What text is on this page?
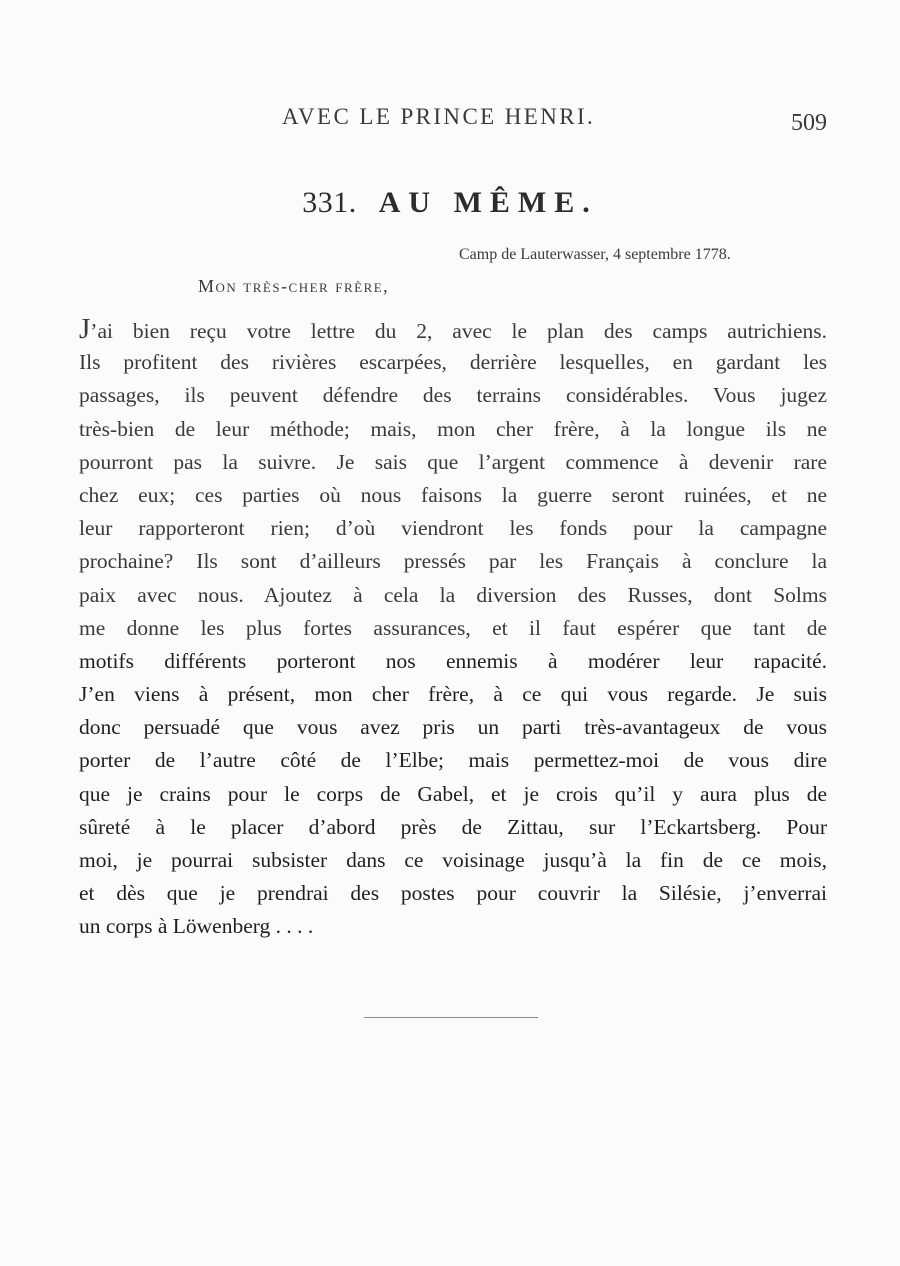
AVEC LE PRINCE HENRI.	509
331. AU MÊME.
Camp de Lauterwasser, 4 septembre 1778.
Mon très-cher frère,

J’ai bien reçu votre lettre du 2, avec le plan des camps autrichiens.
Ils profitent des rivières escarpées, derrière lesquelles, en gardant les
passages, ils peuvent défendre des terrains considérables. Vous jugez
très-bien de leur méthode; mais, mon cher frère, à la longue ils ne
pourront pas la suivre. Je sais que l’argent commence à devenir rare
chez eux; ces parties où nous faisons la guerre seront ruinées, et ne
leur rapporteront rien; d’où viendront les fonds pour la campagne
prochaine? Ils sont d’ailleurs pressés par les Français à conclure la
paix avec nous. Ajoutez à cela la diversion des Russes, dont Solms
me donne les plus fortes assurances, et il faut espérer que tant de
motifs différents porteront nos ennemis à modérer leur rapacité.
J’en viens à présent, mon cher frère, à ce qui vous regarde. Je suis
donc persuadé que vous avez pris un parti très-avantageux de vous
porter de l’autre côté de l’Elbe; mais permettez-moi de vous dire
que je crains pour le corps de Gabel, et je crois qu’il y aura plus de
sûreté à le placer d’abord près de Zittau, sur l’Eckartsberg. Pour
moi, je pourrai subsister dans ce voisinage jusqu’à la fin de ce mois,
et dès que je prendrai des postes pour couvrir la Silésie, j’enverrai
un corps à Löwenberg . . . .
